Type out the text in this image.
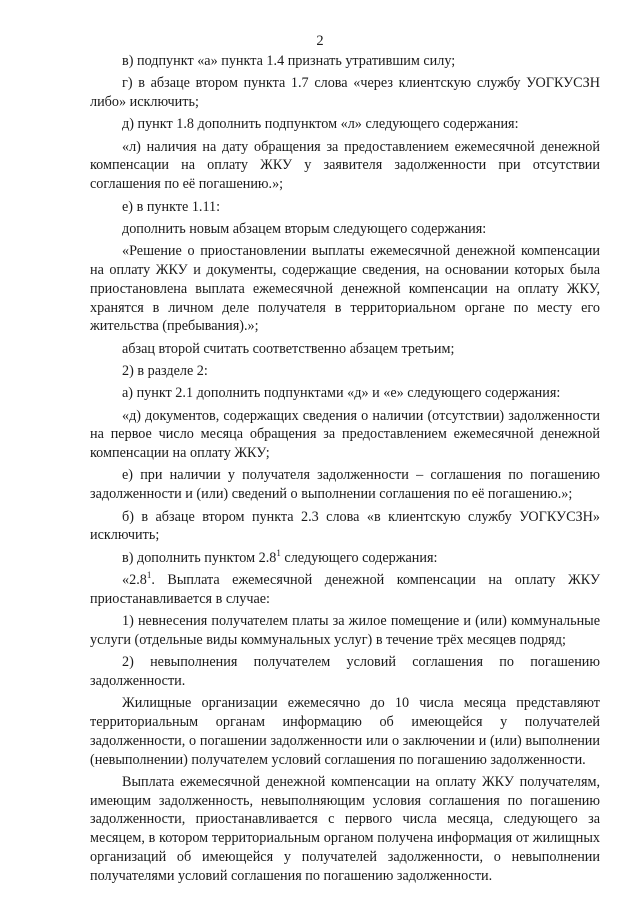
2

в) подпункт «а» пункта 1.4 признать утратившим силу;

г) в абзаце втором пункта 1.7 слова «через клиентскую службу УОГКУСЗН либо» исключить;

д) пункт 1.8 дополнить подпунктом «л» следующего содержания:

«л) наличия на дату обращения за предоставлением ежемесячной денежной компенсации на оплату ЖКУ у заявителя задолженности при отсутствии соглашения по её погашению.»;

е) в пункте 1.11:

дополнить новым абзацем вторым следующего содержания:

«Решение о приостановлении выплаты ежемесячной денежной компенсации на оплату ЖКУ и документы, содержащие сведения, на основании которых была приостановлена выплата ежемесячной денежной компенсации на оплату ЖКУ, хранятся в личном деле получателя в территориальном органе по месту его жительства (пребывания).»;

абзац второй считать соответственно абзацем третьим;

2) в разделе 2:

а) пункт 2.1 дополнить подпунктами «д» и «е» следующего содержания:

«д) документов, содержащих сведения о наличии (отсутствии) задолженности на первое число месяца обращения за предоставлением ежемесячной денежной компенсации на оплату ЖКУ;

е) при наличии у получателя задолженности – соглашения по погашению задолженности и (или) сведений о выполнении соглашения по её погашению.»;

б) в абзаце втором пункта 2.3 слова «в клиентскую службу УОГКУСЗН» исключить;

в) дополнить пунктом $2.8^1$ следующего содержания:

«$2.8^1$. Выплата ежемесячной денежной компенсации на оплату ЖКУ приостанавливается в случае:

1) невнесения получателем платы за жилое помещение и (или) коммунальные услуги (отдельные виды коммунальных услуг) в течение трёх месяцев подряд;

2) невыполнения получателем условий соглашения по погашению задолженности.

Жилищные организации ежемесячно до 10 числа месяца представляют территориальным органам информацию об имеющейся у получателей задолженности, о погашении задолженности или о заключении и (или) выполнении (невыполнении) получателем условий соглашения по погашению задолженности.

Выплата ежемесячной денежной компенсации на оплату ЖКУ получателям, имеющим задолженность, невыполняющим условия соглашения по погашению задолженности, приостанавливается с первого числа месяца, следующего за месяцем, в котором территориальным органом получена информация от жилищных организаций об имеющейся у получателей задолженности, о невыполнении получателями условий соглашения по погашению задолженности.
